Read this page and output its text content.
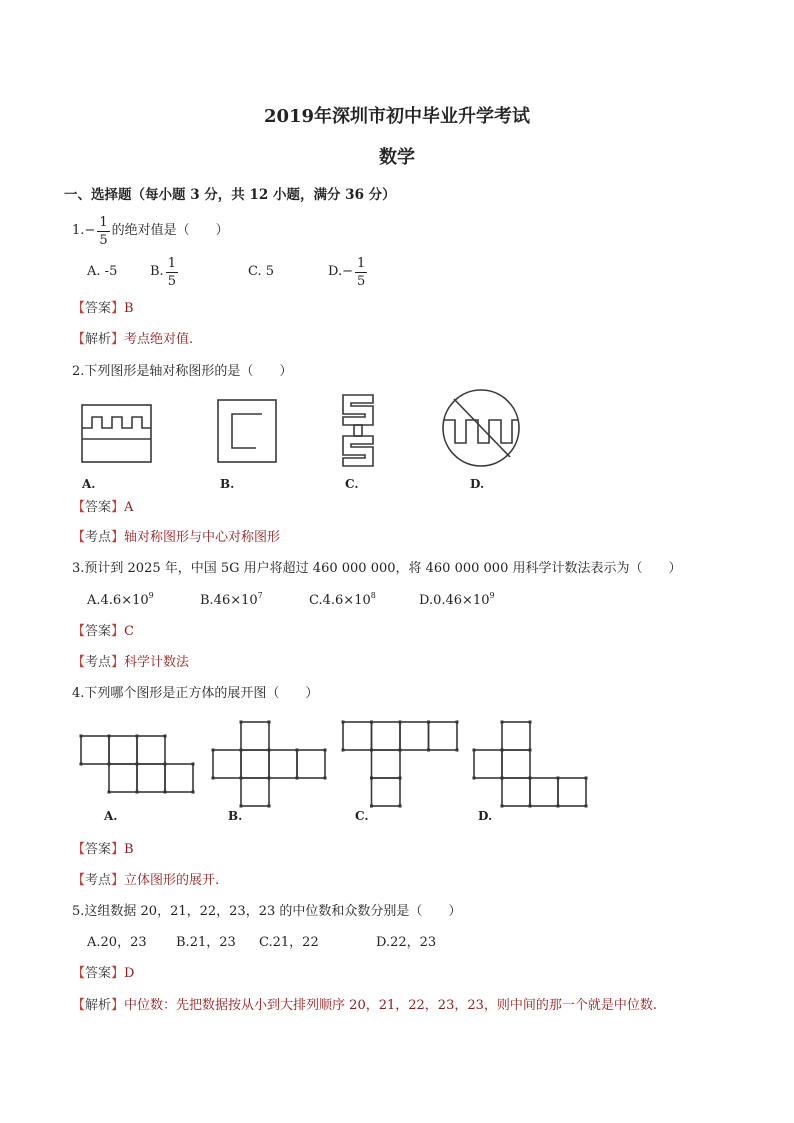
2019年深圳市初中毕业升学考试
数学
一、选择题（每小题 3 分，共 12 小题，满分 36 分）
1. − $\frac{1}{5}$ 的绝对值是（　　）
A.
-5	B. $\frac{1}{5}$	C.
5	D. − $\frac{1}{5}$
【答案】B
【解析】考点绝对值.
2.下列图形是轴对称图形的是（　　）
A.	B.	C.	D.
【答案】A
【考点】轴对称图形与中心对称图形
3.预计到 2025 年，中国 5G 用户将超过 460 000 000，将 460 000 000 用科学计数法表示为（　　）
$A.4.6\times 10^9$	$B.46\times 10^7$	$C.4.6\times 10^8$	$D.0.46\times 10^9$
【答案】C
【考点】科学计数法
4.下列哪个图形是正方体的展开图（　　）
A.	B.	C.	D.
【答案】B
【考点】立体图形的展开.
5.这组数据 20，21，22，23，23 的中位数和众数分别是（　　）
A.20，23 B.21，23 C.21，22	D.22，23
【答案】D
【解析】中位数：先把数据按从小到大排列顺序 20，21，22，23，23，则中间的那一个就是中位数.
